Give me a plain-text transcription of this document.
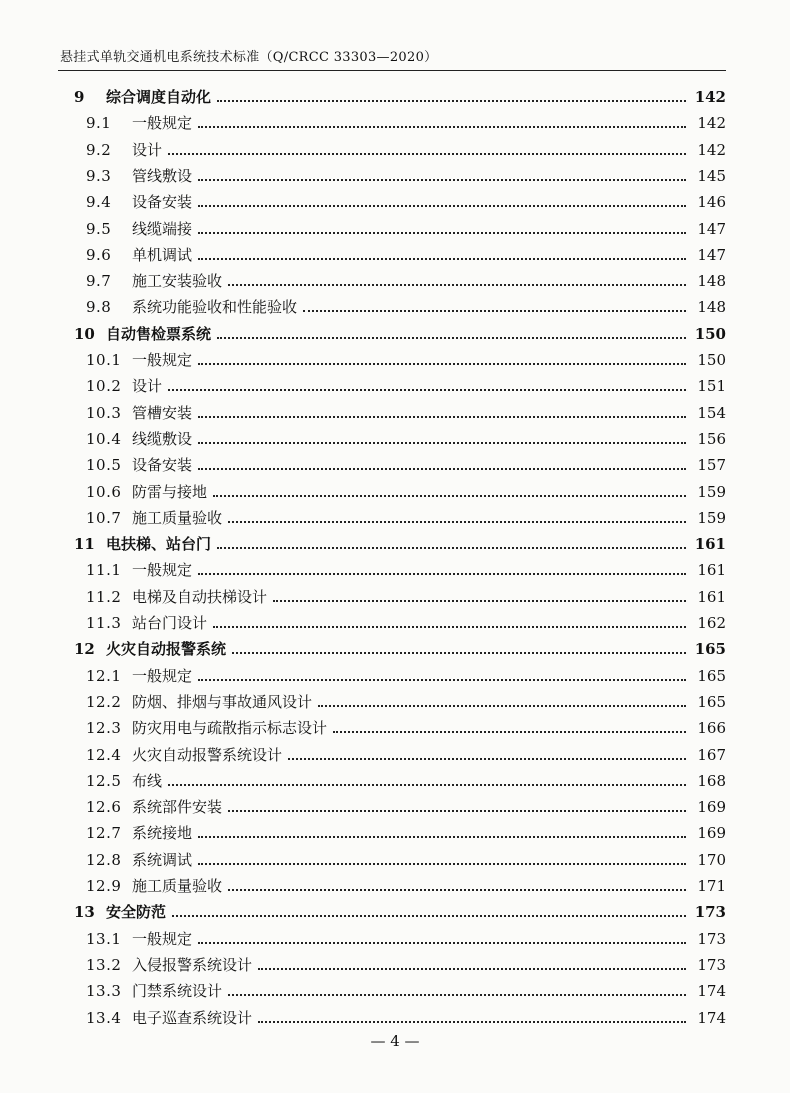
悬挂式单轨交通机电系统技术标准（Q/CRCC 33303—2020）
9	综合调度自动化	142
9.1	一般规定	142
9.2	设计	142
9.3	管线敷设	145
9.4	设备安装	146
9.5	线缆端接	147
9.6	单机调试	147
9.7	施工安装验收	148
9.8	系统功能验收和性能验收	148
10 自动售检票系统	150
10.1 一般规定	150
10.2 设计	151
10.3 管槽安装	154
10.4 线缆敷设	156
10.5 设备安装	157
10.6 防雷与接地	159
10.7 施工质量验收	159
11 电扶梯、站台门	161
11.1 一般规定	161
11.2 电梯及自动扶梯设计	161
11.3 站台门设计	162
12 火灾自动报警系统	165
12.1 一般规定	165
12.2 防烟、排烟与事故通风设计	165
12.3 防灾用电与疏散指示标志设计	166
12.4 火灾自动报警系统设计	167
12.5 布线	168
12.6 系统部件安装	169
12.7 系统接地	169
12.8 系统调试	170
12.9 施工质量验收	171
13 安全防范	173
13.1 一般规定	173
13.2 入侵报警系统设计	173
13.3 门禁系统设计	174
13.4 电子巡查系统设计	174
— 4 —
